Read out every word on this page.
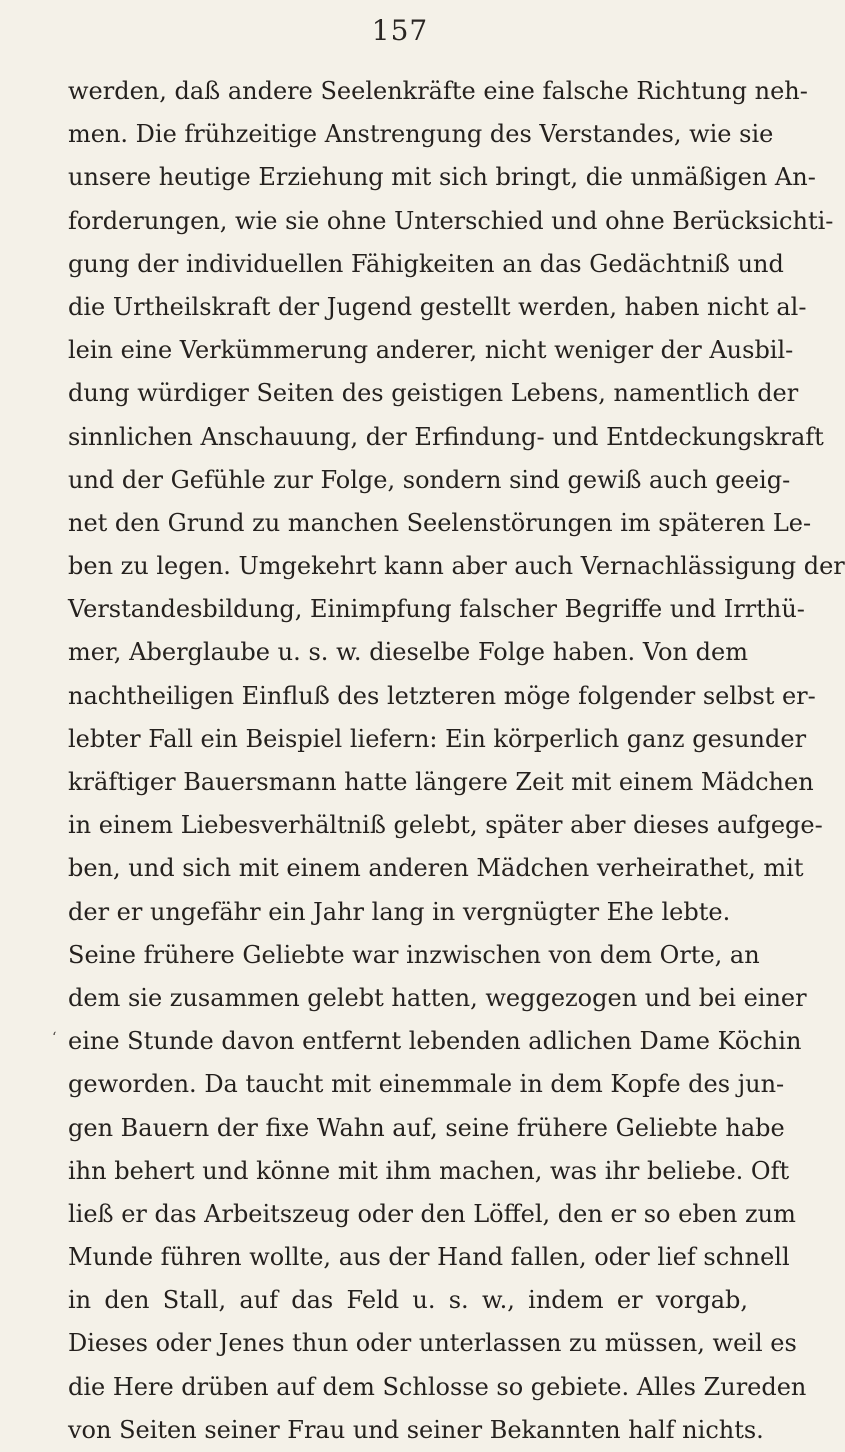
157
ʻ
werden, daß andere Seelenkräfte eine falsche Richtung neh-
men. Die frühzeitige Anstrengung des Verstandes, wie sie
unsere heutige Erziehung mit sich bringt, die unmäßigen An-
forderungen, wie sie ohne Unterschied und ohne Berücksichti-
gung der individuellen Fähigkeiten an das Gedächtniß und
die Urtheilskraft der Jugend gestellt werden, haben nicht al-
lein eine Verkümmerung anderer, nicht weniger der Ausbil-
dung würdiger Seiten des geistigen Lebens, namentlich der
sinnlichen Anschauung, der Erfindung- und Entdeckungskraft
und der Gefühle zur Folge, sondern sind gewiß auch geeig-
net den Grund zu manchen Seelenstörungen im späteren Le-
ben zu legen. Umgekehrt kann aber auch Vernachlässigung der
Verstandesbildung, Einimpfung falscher Begriffe und Irrthü-
mer, Aberglaube u. s. w. dieselbe Folge haben. Von dem
nachtheiligen Einfluß des letzteren möge folgender selbst er-
lebter Fall ein Beispiel liefern: Ein körperlich ganz gesunder
kräftiger Bauersmann hatte längere Zeit mit einem Mädchen
in einem Liebesverhältniß gelebt, später aber dieses aufgege-
ben, und sich mit einem anderen Mädchen verheirathet, mit
der er ungefähr ein Jahr lang in vergnügter Ehe lebte.
Seine frühere Geliebte war inzwischen von dem Orte, an
dem sie zusammen gelebt hatten, weggezogen und bei einer
eine Stunde davon entfernt lebenden adlichen Dame Köchin
geworden. Da taucht mit einemmale in dem Kopfe des jun-
gen Bauern der fixe Wahn auf, seine frühere Geliebte habe
ihn behert und könne mit ihm machen, was ihr beliebe. Oft
ließ er das Arbeitszeug oder den Löffel, den er so eben zum
Munde führen wollte, aus der Hand fallen, oder lief schnell
in den Stall, auf das Feld u. s. w., indem er vorgab,
Dieses oder Jenes thun oder unterlassen zu müssen, weil es
die Here drüben auf dem Schlosse so gebiete. Alles Zureden
von Seiten seiner Frau und seiner Bekannten half nichts.
